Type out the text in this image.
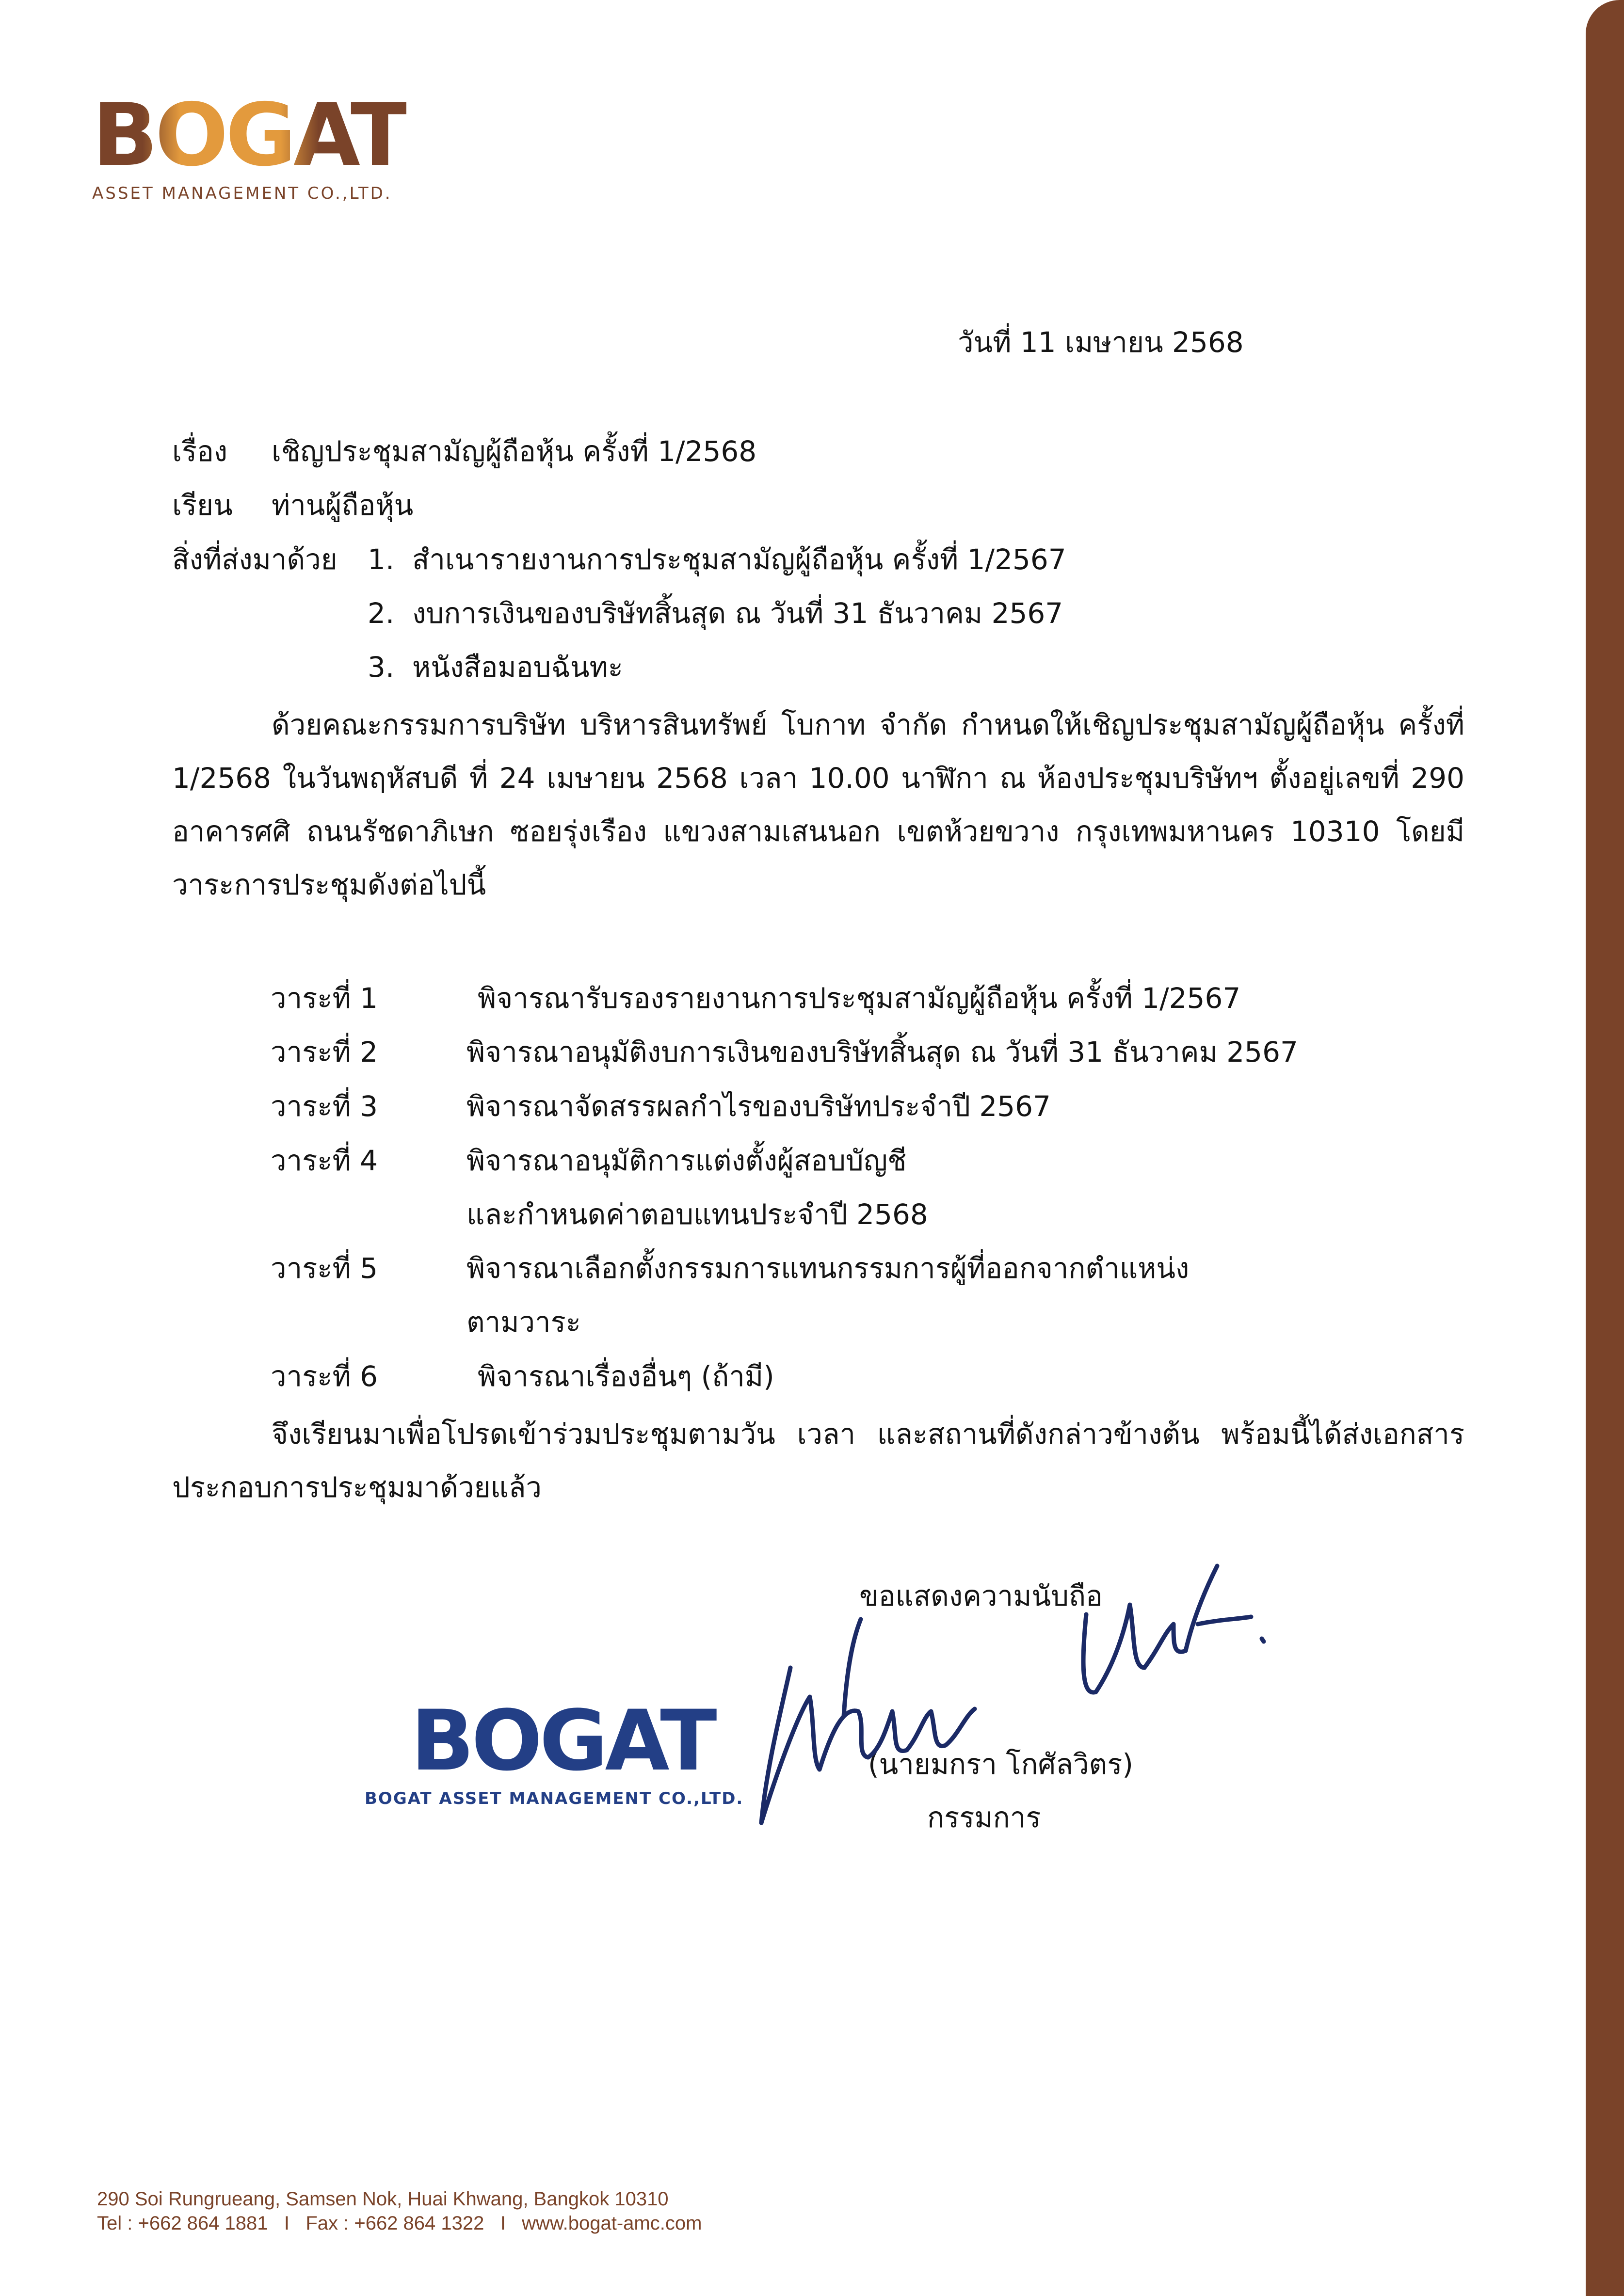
BOGAT
ASSET MANAGEMENT CO.,LTD.
วันที่ 11 เมษายน 2568
เรื่อง เชิญประชุมสามัญผู้ถือหุ้น ครั้งที่ 1/2568
เรียน ท่านผู้ถือหุ้น
สิ่งที่ส่งมาด้วย 1. สำเนารายงานการประชุมสามัญผู้ถือหุ้น ครั้งที่ 1/2567
2. งบการเงินของบริษัทสิ้นสุด ณ วันที่ 31 ธันวาคม 2567
3. หนังสือมอบฉันทะ
ด้วยคณะกรรมการบริษัท บริหารสินทรัพย์ โบกาท จำกัด กำหนดให้เชิญประชุมสามัญผู้ถือหุ้น ครั้งที่ 1/2568 ในวันพฤหัสบดี ที่ 24 เมษายน 2568 เวลา 10.00 นาฬิกา ณ ห้องประชุมบริษัทฯ ตั้งอยู่เลขที่ 290 อาคารศศิ ถนนรัชดาภิเษก ซอยรุ่งเรือง แขวงสามเสนนอก เขตห้วยขวาง กรุงเทพมหานคร 10310 โดยมีวาระการประชุมดังต่อไปนี้
วาระที่ 1	พิจารณารับรองรายงานการประชุมสามัญผู้ถือหุ้น ครั้งที่ 1/2567
วาระที่ 2	พิจารณาอนุมัติงบการเงินของบริษัทสิ้นสุด ณ วันที่ 31 ธันวาคม 2567
วาระที่ 3	พิจารณาจัดสรรผลกำไรของบริษัทประจำปี 2567
วาระที่ 4	พิจารณาอนุมัติการแต่งตั้งผู้สอบบัญชี
และกำหนดค่าตอบแทนประจำปี 2568
วาระที่ 5	พิจารณาเลือกตั้งกรรมการแทนกรรมการผู้ที่ออกจากตำแหน่ง
ตามวาระ
วาระที่ 6	พิจารณาเรื่องอื่นๆ (ถ้ามี)
จึงเรียนมาเพื่อโปรดเข้าร่วมประชุมตามวัน เวลา และสถานที่ดังกล่าวข้างต้น พร้อมนี้ได้ส่งเอกสารประกอบการประชุมมาด้วยแล้ว
ขอแสดงความนับถือ
BOGAT
BOGAT ASSET MANAGEMENT CO.,LTD.
(นายมกรา โกศัลวิตร)
กรรมการ
290 Soi Rungrueang, Samsen Nok, Huai Khwang, Bangkok 10310
Tel : +662 864 1881   I   Fax : +662 864 1322   I   www.bogat-amc.com
